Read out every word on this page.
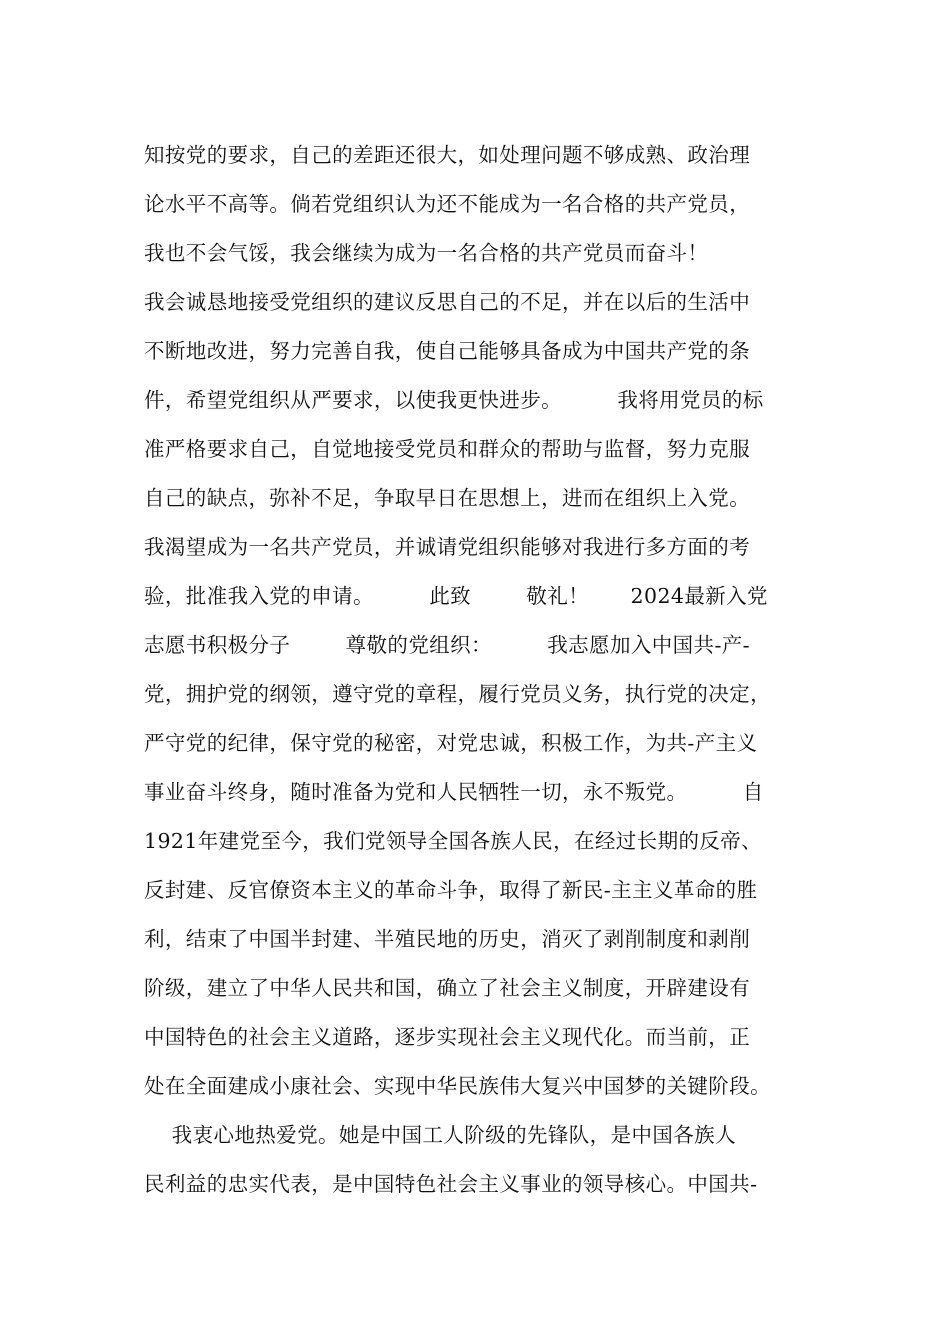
知按党的要求，自己的差距还很大，如处理问题不够成熟、政治理
论水平不高等。倘若党组织认为还不能成为一名合格的共产党员，
我也不会气馁，我会继续为成为一名合格的共产党员而奋斗！
我会诚恳地接受党组织的建议反思自己的不足，并在以后的生活中
不断地改进，努力完善自我，使自己能够具备成为中国共产党的条
件，希望党组织从严要求，以使我更快进步。        我将用党员的标
准严格要求自己，自觉地接受党员和群众的帮助与监督，努力克服
自己的缺点，弥补不足，争取早日在思想上，进而在组织上入党。
我渴望成为一名共产党员，并诚请党组织能够对我进行多方面的考
验，批准我入党的申请。        此致        敬礼！      2024最新入党
志愿书积极分子        尊敬的党组织：        我志愿加入中国共-产-
党，拥护党的纲领，遵守党的章程，履行党员义务，执行党的决定，
严守党的纪律，保守党的秘密，对党忠诚，积极工作，为共-产主义
事业奋斗终身，随时准备为党和人民牺牲一切，永不叛党。        自
1921年建党至今，我们党领导全国各族人民，在经过长期的反帝、
反封建、反官僚资本主义的革命斗争，取得了新民-主主义革命的胜
利，结束了中国半封建、半殖民地的历史，消灭了剥削制度和剥削
阶级，建立了中华人民共和国，确立了社会主义制度，开辟建设有
中国特色的社会主义道路，逐步实现社会主义现代化。而当前，正
处在全面建成小康社会、实现中华民族伟大复兴中国梦的关键阶段。
我衷心地热爱党。她是中国工人阶级的先锋队，是中国各族人
民利益的忠实代表，是中国特色社会主义事业的领导核心。中国共-
